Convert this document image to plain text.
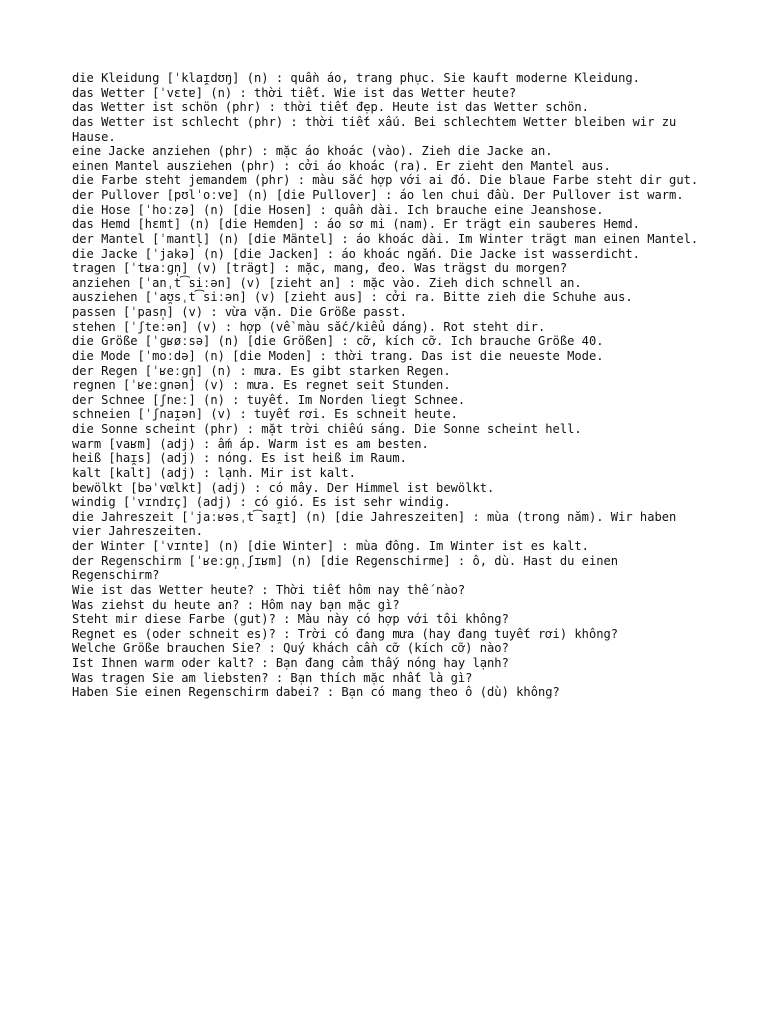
die Kleidung [ˈklaɪ̯dʊŋ] (n) : quần áo, trang phục. Sie kauft moderne Kleidung.
das Wetter [ˈvɛtɐ] (n) : thời tiết. Wie ist das Wetter heute?
das Wetter ist schön (phr) : thời tiết đẹp. Heute ist das Wetter schön.
das Wetter ist schlecht (phr) : thời tiết xấu. Bei schlechtem Wetter bleiben wir zu Hause.
eine Jacke anziehen (phr) : mặc áo khoác (vào). Zieh die Jacke an.
einen Mantel ausziehen (phr) : cởi áo khoác (ra). Er zieht den Mantel aus.
die Farbe steht jemandem (phr) : màu sắc hợp với ai đó. Die blaue Farbe steht dir gut.
der Pullover [pʊlˈoːvɐ] (n) [die Pullover] : áo len chui đầu. Der Pullover ist warm.
die Hose [ˈhoːzə] (n) [die Hosen] : quần dài. Ich brauche eine Jeanshose.
das Hemd [hɛmt] (n) [die Hemden] : áo sơ mi (nam). Er trägt ein sauberes Hemd.
der Mantel [ˈmantl̩] (n) [die Mäntel] : áo khoác dài. Im Winter trägt man einen Mantel.
die Jacke [ˈjakə] (n) [die Jacken] : áo khoác ngắn. Die Jacke ist wasserdicht.
tragen [ˈtʁaːɡn̩] (v) [trägt] : mặc, mang, đeo. Was trägst du morgen?
anziehen [ˈanˌt͡siːən] (v) [zieht an] : mặc vào. Zieh dich schnell an.
ausziehen [ˈaʊ̯sˌt͡siːən] (v) [zieht aus] : cởi ra. Bitte zieh die Schuhe aus.
passen [ˈpasn̩] (v) : vừa vặn. Die Größe passt.
stehen [ˈʃteːən] (v) : hợp (về màu sắc/kiểu dáng). Rot steht dir.
die Größe [ˈɡʁøːsə] (n) [die Größen] : cỡ, kích cỡ. Ich brauche Größe 40.
die Mode [ˈmoːdə] (n) [die Moden] : thời trang. Das ist die neueste Mode.
der Regen [ˈʁeːɡn̩] (n) : mưa. Es gibt starken Regen.
regnen [ˈʁeːɡnən] (v) : mưa. Es regnet seit Stunden.
der Schnee [ʃneː] (n) : tuyết. Im Norden liegt Schnee.
schneien [ˈʃnaɪ̯ən] (v) : tuyết rơi. Es schneit heute.
die Sonne scheint (phr) : mặt trời chiếu sáng. Die Sonne scheint hell.
warm [vaʁm] (adj) : ấm áp. Warm ist es am besten.
heiß [haɪ̯s] (adj) : nóng. Es ist heiß im Raum.
kalt [kalt] (adj) : lạnh. Mir ist kalt.
bewölkt [bəˈvœlkt] (adj) : có mây. Der Himmel ist bewölkt.
windig [ˈvɪndɪç] (adj) : có gió. Es ist sehr windig.
die Jahreszeit [ˈjaːʁəsˌt͡saɪ̯t] (n) [die Jahreszeiten] : mùa (trong năm). Wir haben vier Jahreszeiten.
der Winter [ˈvɪntɐ] (n) [die Winter] : mùa đông. Im Winter ist es kalt.
der Regenschirm [ˈʁeːɡn̩ˌʃɪʁm] (n) [die Regenschirme] : ô, dù. Hast du einen Regenschirm?
Wie ist das Wetter heute? : Thời tiết hôm nay thế nào?
Was ziehst du heute an? : Hôm nay bạn mặc gì?
Steht mir diese Farbe (gut)? : Màu này có hợp với tôi không?
Regnet es (oder schneit es)? : Trời có đang mưa (hay đang tuyết rơi) không?
Welche Größe brauchen Sie? : Quý khách cần cỡ (kích cỡ) nào?
Ist Ihnen warm oder kalt? : Bạn đang cảm thấy nóng hay lạnh?
Was tragen Sie am liebsten? : Bạn thích mặc nhất là gì?
Haben Sie einen Regenschirm dabei? : Bạn có mang theo ô (dù) không?
